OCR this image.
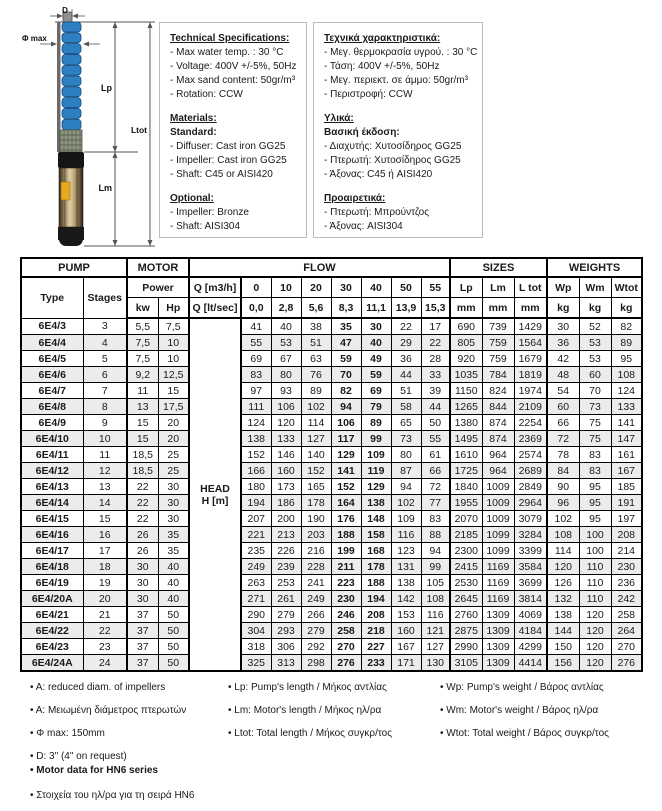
D
Φ max
Lp
Lm
Ltot
Technical Specifications:
- Max water temp. : 30 °C
- Voltage: 400V +/-5%, 50Hz
- Max sand content: 50gr/m³
- Rotation: CCW
Materials:
Standard:
- Diffuser: Cast iron GG25
- Impeller: Cast iron GG25
- Shaft: C45 or AISI420
Optional:
- Impeller: Bronze
- Shaft: AISI304
Τεχνικά χαρακτηριστικά:
- Μεγ. θερμοκρασία υγρού. : 30 °C
- Τάση: 400V +/-5%, 50Hz
- Μεγ. περιεκτ. σε άμμο: 50gr/m³
- Περιστροφή: CCW
Υλικά:
Βασική έκδοση:
- Διαχυτής: Χυτοσίδηρος GG25
- Πτερωτή: Χυτοσίδηρος GG25
- Άξονας: C45 ή AISI420
Προαιρετικά:
- Πτερωτή: Μπρούντζος
- Άξονας: AISI304
PUMP		MOTOR		FLOW								SIZES			WEIGHTS		
Type	Stages	Power		Q [m3/h]	0	10	20	30	40	50	55	Lp	Lm	L tot	Wp	Wm	Wtot
		kw	Hp	Q [lt/sec]	0,0	2,8	5,6	8,3	11,1	13,9	15,3	mm	mm	mm	kg	kg	kg
6E4/3	3	5,5	7,5	HEAD
H [m]	41	40	38	35	30	22	17	690	739	1429	30	52	82
6E4/4	4	7,5	10		55	53	51	47	40	29	22	805	759	1564	36	53	89
6E4/5	5	7,5	10		69	67	63	59	49	36	28	920	759	1679	42	53	95
6E4/6	6	9,2	12,5		83	80	76	70	59	44	33	1035	784	1819	48	60	108
6E4/7	7	11	15		97	93	89	82	69	51	39	1150	824	1974	54	70	124
6E4/8	8	13	17,5		111	106	102	94	79	58	44	1265	844	2109	60	73	133
6E4/9	9	15	20		124	120	114	106	89	65	50	1380	874	2254	66	75	141
6E4/10	10	15	20		138	133	127	117	99	73	55	1495	874	2369	72	75	147
6E4/11	11	18,5	25		152	146	140	129	109	80	61	1610	964	2574	78	83	161
6E4/12	12	18,5	25		166	160	152	141	119	87	66	1725	964	2689	84	83	167
6E4/13	13	22	30		180	173	165	152	129	94	72	1840	1009	2849	90	95	185
6E4/14	14	22	30		194	186	178	164	138	102	77	1955	1009	2964	96	95	191
6E4/15	15	22	30		207	200	190	176	148	109	83	2070	1009	3079	102	95	197
6E4/16	16	26	35		221	213	203	188	158	116	88	2185	1099	3284	108	100	208
6E4/17	17	26	35		235	226	216	199	168	123	94	2300	1099	3399	114	100	214
6E4/18	18	30	40		249	239	228	211	178	131	99	2415	1169	3584	120	110	230
6E4/19	19	30	40		263	253	241	223	188	138	105	2530	1169	3699	126	110	236
6E4/20A	20	30	40		271	261	249	230	194	142	108	2645	1169	3814	132	110	242
6E4/21	21	37	50		290	279	266	246	208	153	116	2760	1309	4069	138	120	258
6E4/22	22	37	50		304	293	279	258	218	160	121	2875	1309	4184	144	120	264
6E4/23	23	37	50		318	306	292	270	227	167	127	2990	1309	4299	150	120	270
6E4/24A	24	37	50		325	313	298	276	233	171	130	3105	1309	4414	156	120	276
• A: reduced diam. of impellers
• A: Μειωμένη διάμετρος πτερωτών
• Φ max: 150mm
• D: 3" (4" on request)
• Lp: Pump's length / Μήκος αντλίας
• Lm: Motor's length / Μήκος ηλ/ρα
• Ltot: Total length / Μήκος συγκρ/τος
• Wp: Pump's weight / Βάρος αντλίας
• Wm: Motor's weight / Βάρος ηλ/ρα
• Wtot: Total weight / Βάρος συγκρ/τος
• Motor data for HN6 series
• Στοιχεία του ηλ/ρα για τη σειρά HN6
